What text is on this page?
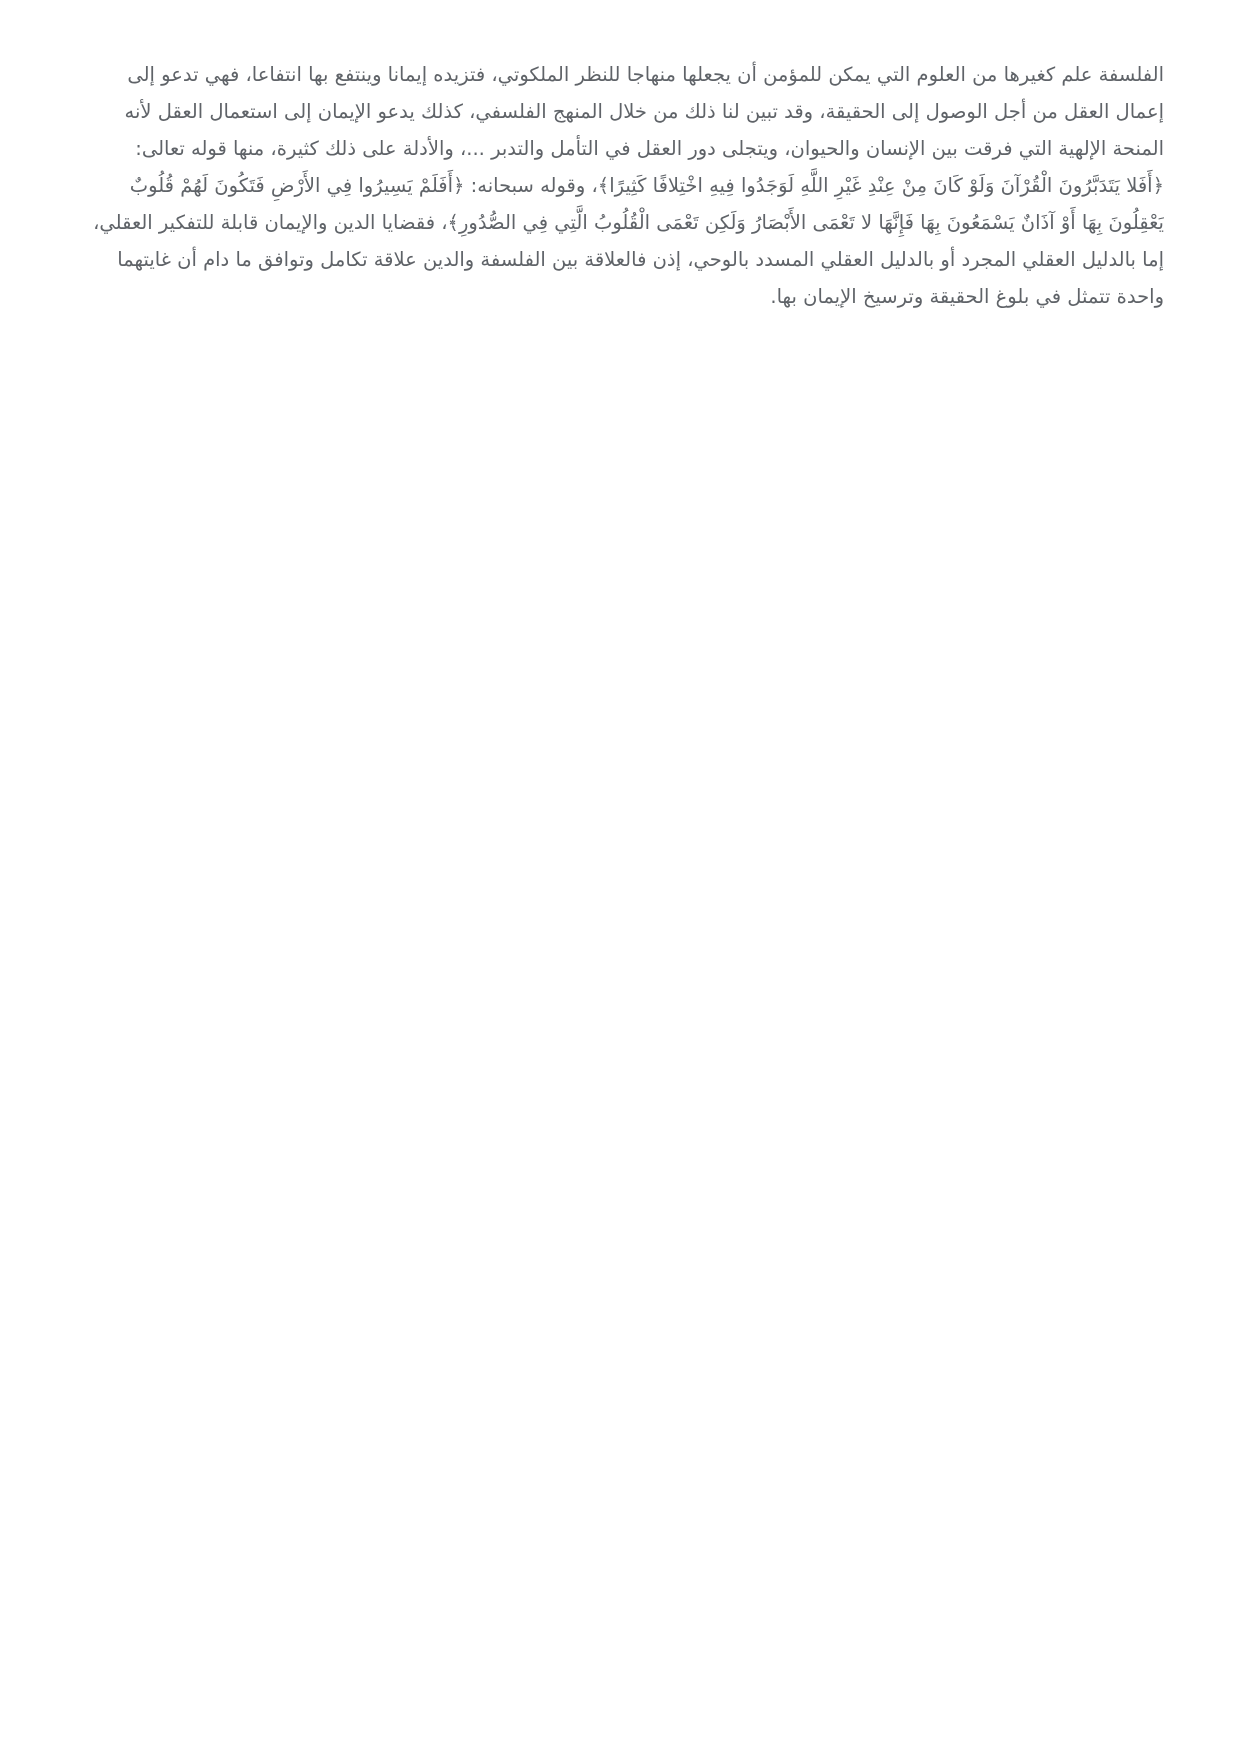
الفلسفة علم كغيرها من العلوم التي يمكن للمؤمن أن يجعلها منهاجا للنظر الملكوتي، فتزيده إيمانا وينتفع بها انتفاعا، فهي تدعو إلى
إعمال العقل من أجل الوصول إلى الحقيقة، وقد تبين لنا ذلك من خلال المنهج الفلسفي، كذلك يدعو الإيمان إلى استعمال العقل لأنه
المنحة الإلهية التي فرقت بين الإنسان والحيوان، ويتجلى دور العقل في التأمل والتدبر ...، والأدلة على ذلك كثيرة، منها قوله تعالى:
﴿أَفَلا يَتَدَبَّرُونَ الْقُرْآنَ وَلَوْ كَانَ مِنْ عِنْدِ غَيْرِ اللَّهِ لَوَجَدُوا فِيهِ اخْتِلافًا كَثِيرًا﴾، وقوله سبحانه: ﴿أَفَلَمْ يَسِيرُوا فِي الأَرْضِ فَتَكُونَ لَهُمْ قُلُوبٌ
يَعْقِلُونَ بِهَا أَوْ آذَانٌ يَسْمَعُونَ بِهَا فَإِنَّهَا لا تَعْمَى الأَبْصَارُ وَلَكِن تَعْمَى الْقُلُوبُ الَّتِي فِي الصُّدُورِ﴾، فقضايا الدين والإيمان قابلة للتفكير العقلي،
إما بالدليل العقلي المجرد أو بالدليل العقلي المسدد بالوحي، إذن فالعلاقة بين الفلسفة والدين علاقة تكامل وتوافق ما دام أن غايتهما
واحدة تتمثل في بلوغ الحقيقة وترسيخ الإيمان بها.
